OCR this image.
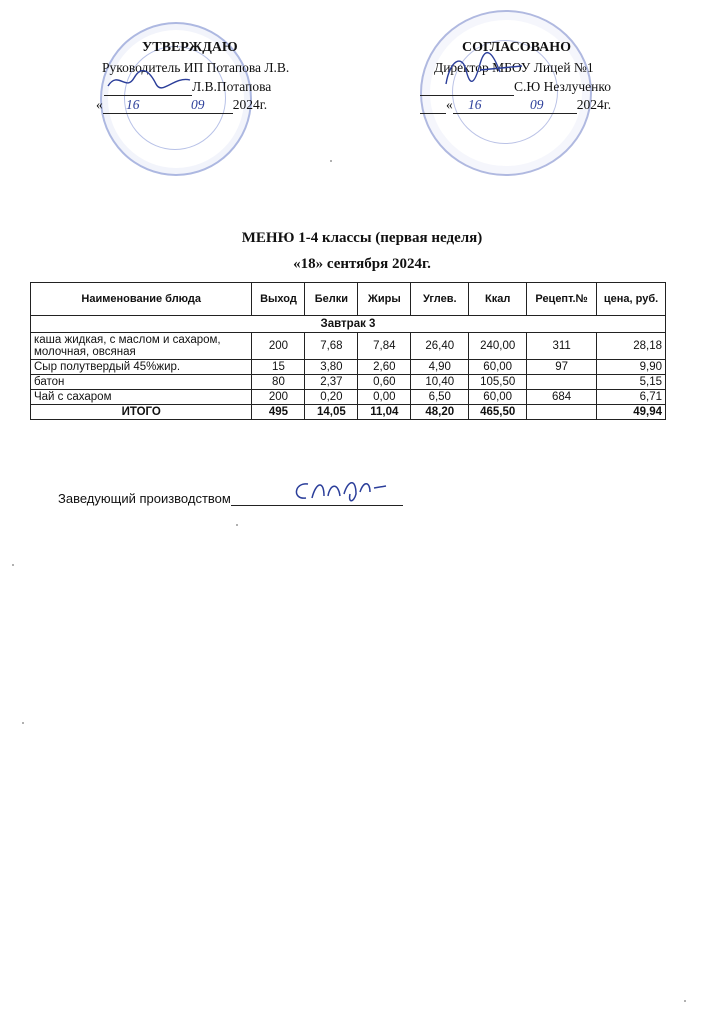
УТВЕРЖДАЮ
Руководитель ИП Потапова Л.В.
Л.В.Потапова
« 16	09 2024г.
СОГЛАСОВАНО
Директор МБОУ Лицей №1
С.Ю Незлученко
« 16	09 2024г.
МЕНЮ 1-4 классы (первая неделя)
«18» сентября 2024г.
Наименование блюда	Выход	Белки	Жиры	Углев.	Ккал	Рецепт.№	цена, руб.
Завтрак 3							
каша жидкая, с маслом и сахаром, молочная, овсяная	200	7,68	7,84	26,40	240,00	311	28,18
Сыр полутвердый 45%жир.	15	3,80	2,60	4,90	60,00	97	9,90
батон	80	2,37	0,60	10,40	105,50		5,15
Чай с сахаром	200	0,20	0,00	6,50	60,00	684	6,71
ИТОГО	495	14,05	11,04	48,20	465,50		49,94
Заведующий производством
